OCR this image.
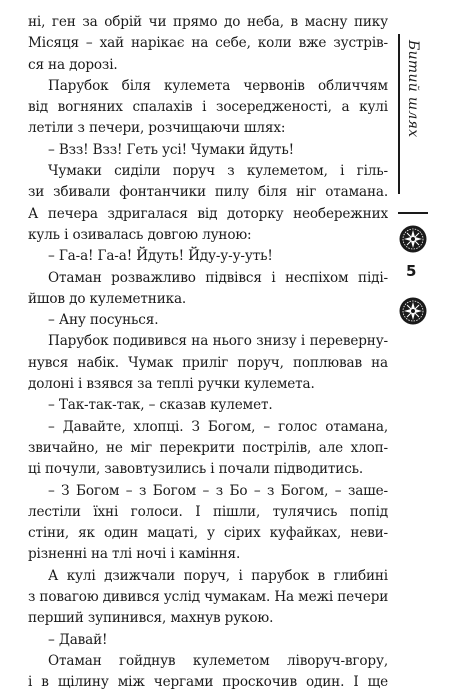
ні, ген за обрій чи прямо до неба, в масну пику

Місяця – хай нарікає на себе, коли вже зустрів-

ся на дорозі.

Парубок біля кулемета червонів обличчям

від вогняних спалахів і зосередженості, а кулі

летіли з печери, розчищаючи шлях:

– Взз! Взз! Геть усі! Чумаки йдуть!

Чумаки сиділи поруч з кулеметом, і гіль-

зи збивали фонтанчики пилу біля ніг отамана.

А печера здригалася від доторку необережних

куль і озивалась довгою луною:

– Га-а! Га-а! Йдуть! Йду-у-у-уть!

Отаман розважливо підвівся і неспіхом піді-

йшов до кулеметника.

– Ану посунься.

Парубок подивився на нього знизу і переверну-

нувся набік. Чумак приліг поруч, поплював на

долоні і взявся за теплі ручки кулемета.

– Так-так-так, – сказав кулемет.

– Давайте, хлопці. З Богом, – голос отамана,

звичайно, не міг перекрити пострілів, але хлоп-

ці почули, завовтузились і почали підводитись.

– З Богом – з Богом – з Бо – з Богом, – заше-

лестіли їхні голоси. І пішли, тулячись попід

стіни, як один мацаті, у сірих куфайках, неви-

різненні на тлі ночі і каміння.

А кулі дзижчали поруч, і парубок в глибині

з повагою дивився услід чумакам. На межі печери

перший зупинився, махнув рукою.

– Давай!

Отаман гойднув кулеметом ліворуч-вгору,

і в щілину між чергами проскочив один. І ще

Битий шлях
5
